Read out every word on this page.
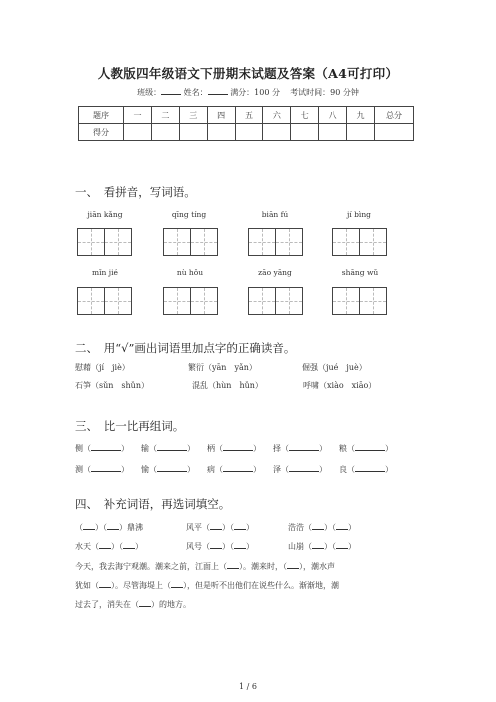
人教版四年级语文下册期末试题及答案（A4可打印）
班级：	姓名：	满分：100 分 考试时间：90 分钟
题序	一	二	三	四	五	六	七	八	九	总分
得分										
一、　看拼音，写词语。
jiān kǎng	qīng tíng	biān fú	jí bìng
mǐn jié	nù hǒu	zāo yāng	shāng wǔ
二、　用“√”画出词语里加点字的正确读音。
慰藉（jí　jiè）	繁衍（yān　yǎn）	倔强（jué　juè）
石笋（sǔn　shǔn）	混乱（hùn　hǔn）	呼啸（xiào　xiāo）
三、　比一比再组词。
侧（	） 输（	） 柄（	） 择（	） 粮（	）
测（	） 愉（	） 病（	） 泽（	） 良（	）
四、　补充词语，再选词填空。
（ ）（ ）鼎沸	风平（ ）（ ）	浩浩（ ）（ ）
水天（ ）（ ）	风号（ ）（ ）	山崩（ ）（ ）
今天，我去海宁观潮。潮来之前，江面上（ ）。潮来时，（ ），潮水声
犹如（ ）。尽管海堤上（ ），但是听不出他们在说些什么。渐渐地，潮
过去了，消失在（ ）的地方。
1 / 6
